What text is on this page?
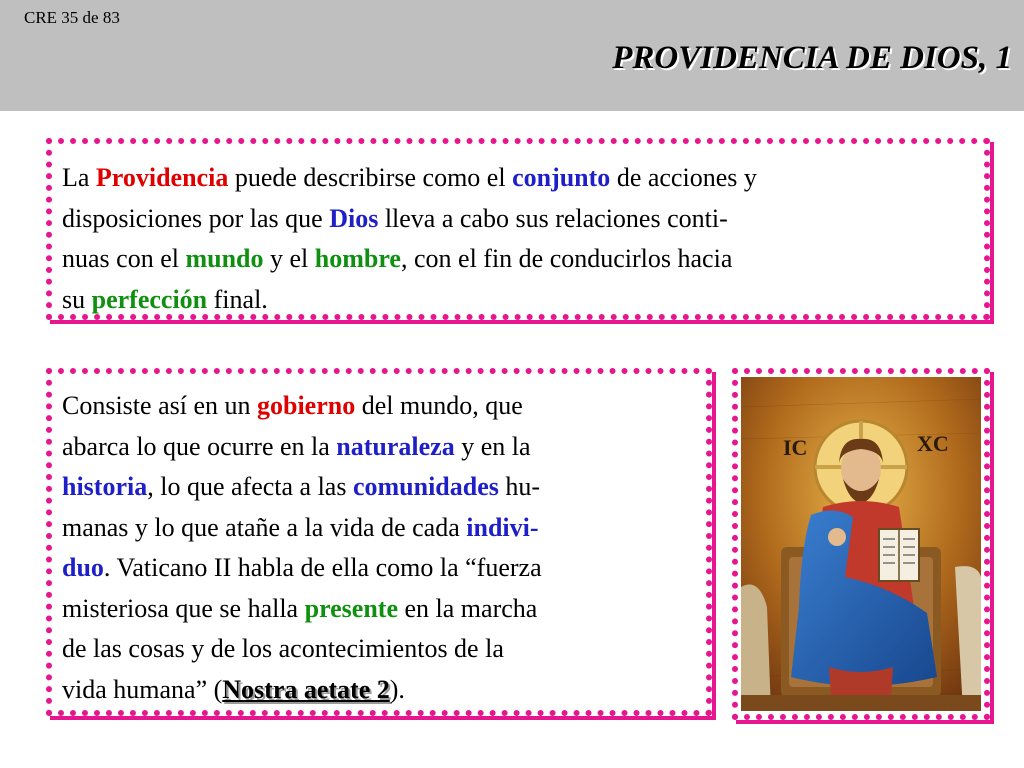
CRE 35 de 83
PROVIDENCIA DE DIOS, 1

La Providencia puede describirse como el conjunto de acciones y
disposiciones por las que Dios lleva a cabo sus relaciones conti-
nuas con el mundo y el hombre, con el fin de conducirlos hacia
su perfección final.

Consiste así en un gobierno del mundo, que
abarca lo que ocurre en la naturaleza y en la
historia, lo que afecta a las comunidades hu-
manas y lo que atañe a la vida de cada indivi-
duo. Vaticano II habla de ella como la “fuerza
misteriosa que se halla presente en la marcha
de las cosas y de los acontecimientos de la
vida humana” (Nostra aetate 2).

IC	XC
